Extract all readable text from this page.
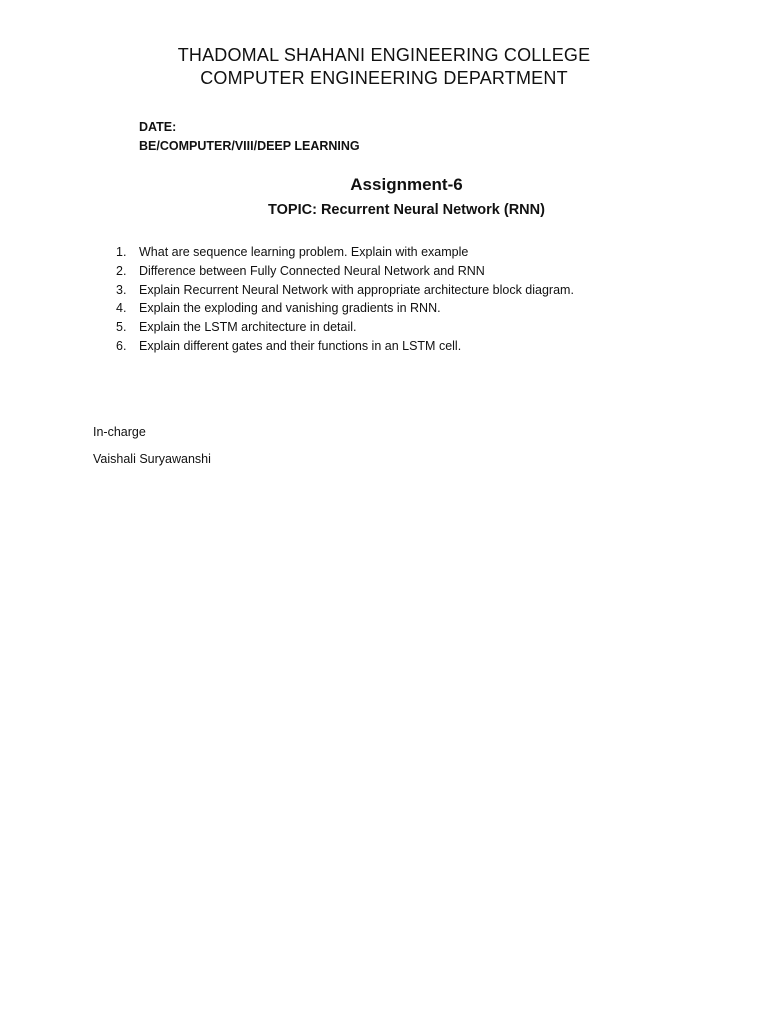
THADOMAL SHAHANI ENGINEERING COLLEGE
COMPUTER ENGINEERING DEPARTMENT
DATE:
BE/COMPUTER/VIII/DEEP LEARNING
Assignment-6
TOPIC: Recurrent Neural Network (RNN)
1.	What are sequence learning problem. Explain with example
2.	Difference between Fully Connected Neural Network and RNN
3.	Explain Recurrent Neural Network with appropriate architecture block diagram.
4.	Explain the exploding and vanishing gradients in RNN.
5.	Explain the LSTM architecture in detail.
6.	Explain different gates and their functions in an LSTM cell.
In-charge
Vaishali Suryawanshi
